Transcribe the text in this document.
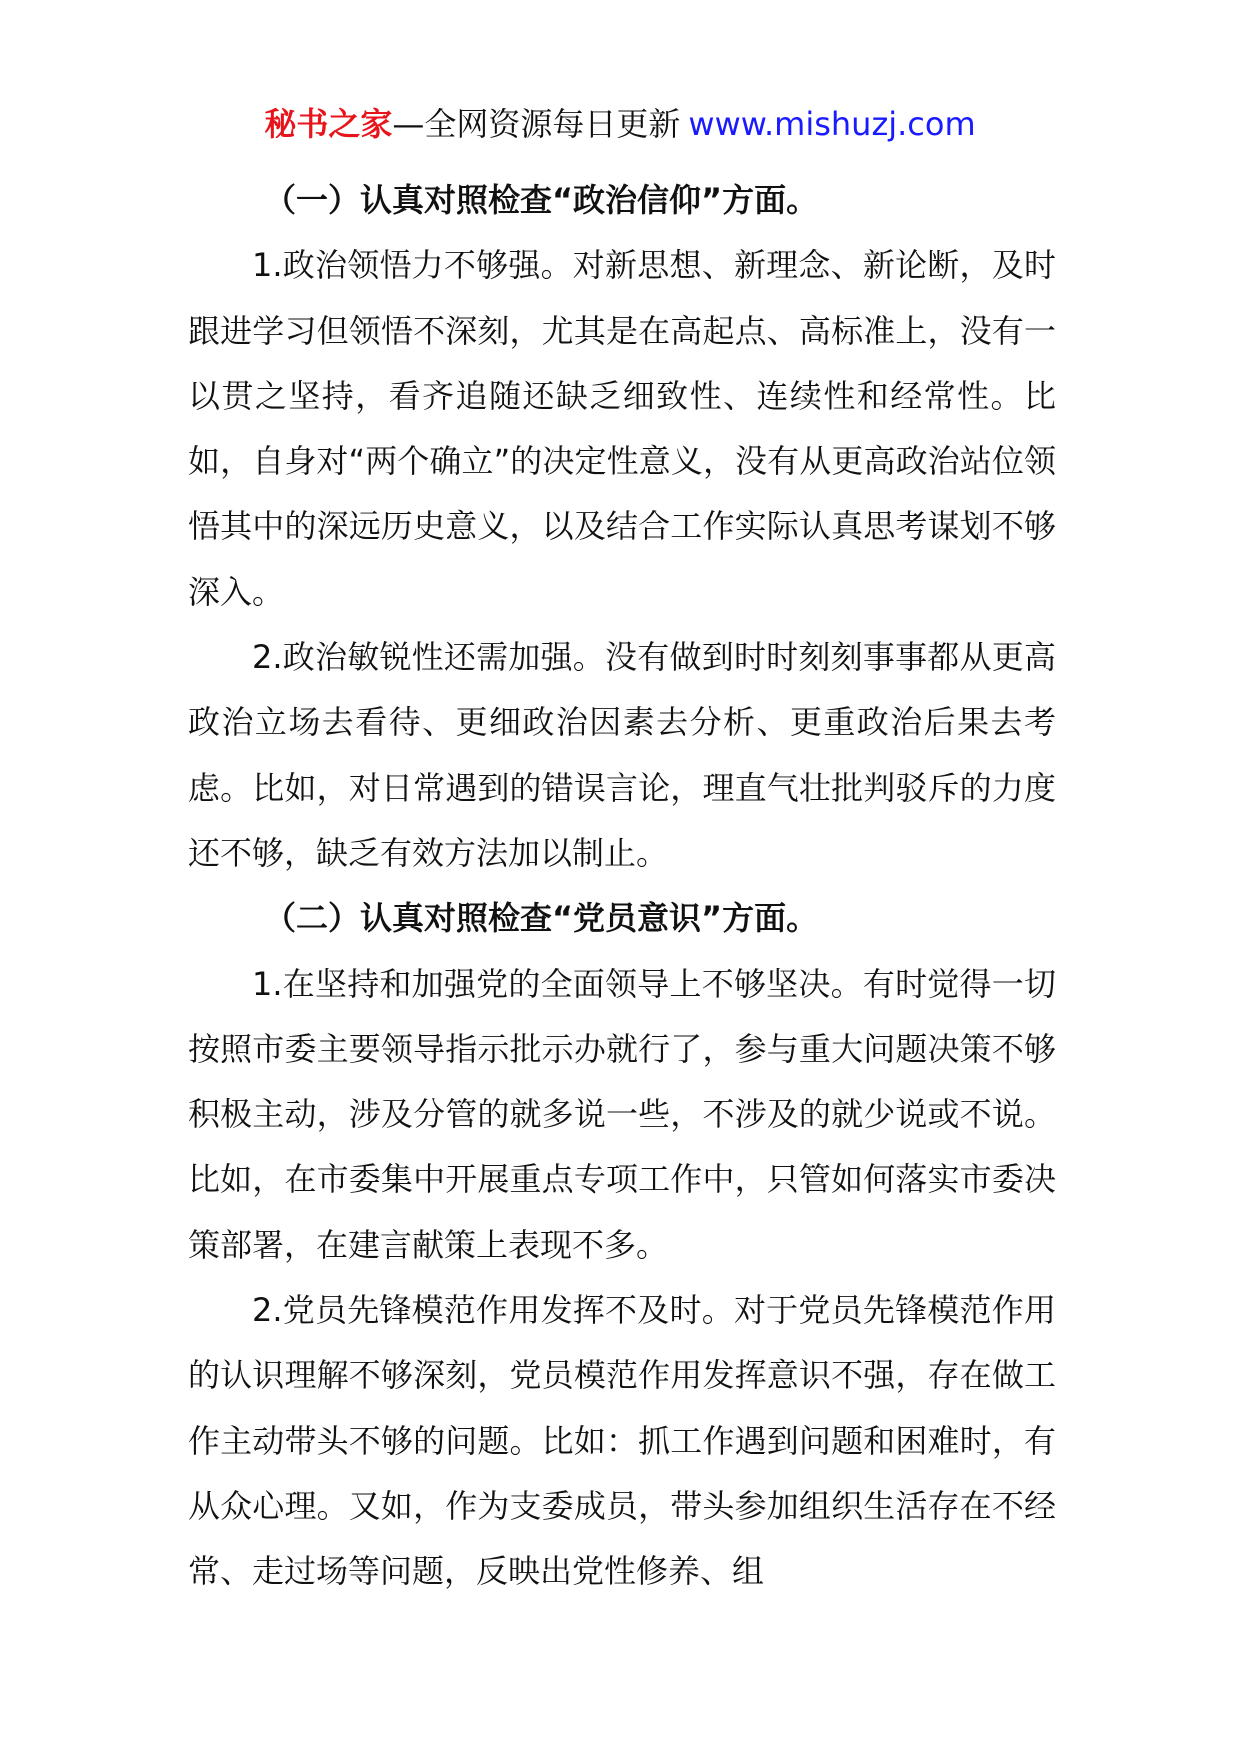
秘书之家—全网资源每日更新 www.mishuzj.com

（一）认真对照检查“政治信仰”方面。

1.政治领悟力不够强。对新思想、新理念、新论断，及时跟进学习但领悟不深刻，尤其是在高起点、高标准上，没有一以贯之坚持，看齐追随还缺乏细致性、连续性和经常性。比如，自身对“两个确立”的决定性意义，没有从更高政治站位领悟其中的深远历史意义，以及结合工作实际认真思考谋划不够深入。

2.政治敏锐性还需加强。没有做到时时刻刻事事都从更高政治立场去看待、更细政治因素去分析、更重政治后果去考虑。比如，对日常遇到的错误言论，理直气壮批判驳斥的力度还不够，缺乏有效方法加以制止。

（二）认真对照检查“党员意识”方面。

1.在坚持和加强党的全面领导上不够坚决。有时觉得一切按照市委主要领导指示批示办就行了，参与重大问题决策不够积极主动，涉及分管的就多说一些，不涉及的就少说或不说。比如，在市委集中开展重点专项工作中，只管如何落实市委决策部署，在建言献策上表现不多。

2.党员先锋模范作用发挥不及时。对于党员先锋模范作用的认识理解不够深刻，党员模范作用发挥意识不强，存在做工作主动带头不够的问题。比如：抓工作遇到问题和困难时，有从众心理。又如，作为支委成员，带头参加组织生活存在不经常、走过场等问题，反映出党性修养、组
